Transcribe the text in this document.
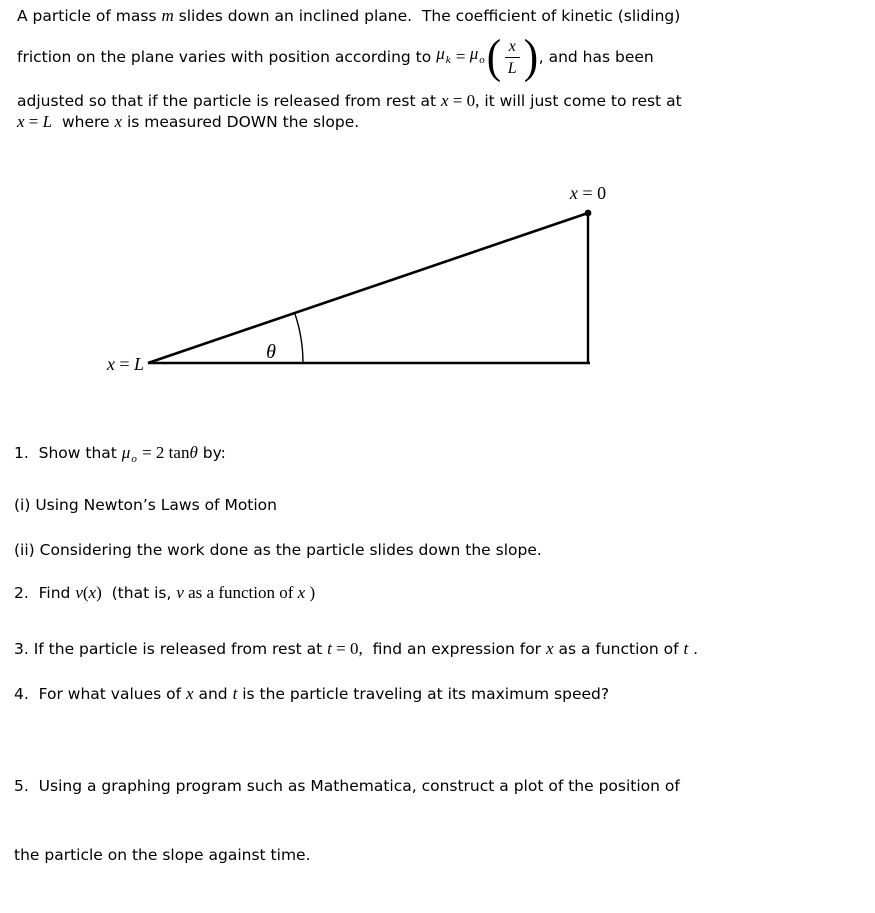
A particle of mass m slides down an inclined plane.  The coefficient of kinetic (sliding)
friction on the plane varies with position according to $\mu_k = \mu_o$ ( $\frac{x}{L}$ ) , and has been
adjusted so that if the particle is released from rest at x = 0, it will just come to rest at
x = L  where x is measured DOWN the slope.
x = 0
x = L
θ
1.  Show that $\mu_o = 2$ tanθ by:
(i) Using Newton’s Laws of Motion
(ii) Considering the work done as the particle slides down the slope.
2.  Find v(x)  (that is, v as a function of x )
3. If the particle is released from rest at t = 0,  find an expression for x as a function of t .
4.  For what values of x and t is the particle traveling at its maximum speed?

5.  Using a graphing program such as Mathematica, construct a plot of the position of

the particle on the slope against time.
